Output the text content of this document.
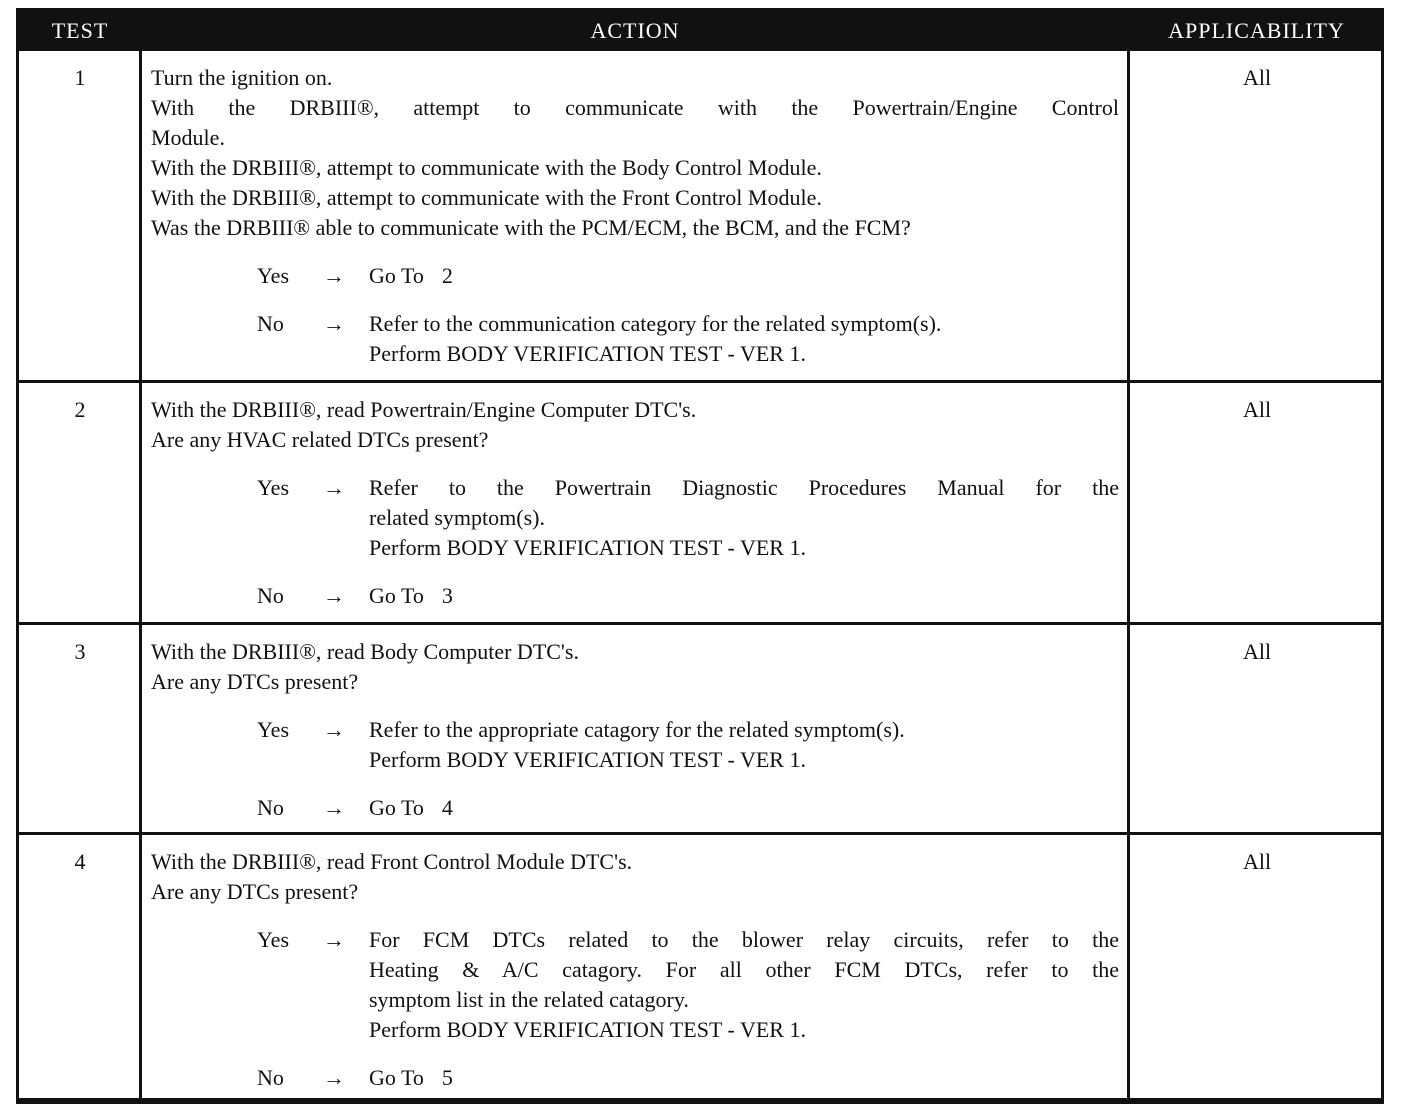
TEST	ACTION	APPLICABILITY
1	Turn the ignition on.
With the DRBIII®, attempt to communicate with the Powertrain/Engine Control
Module.
With the DRBIII®, attempt to communicate with the Body Control Module.
With the DRBIII®, attempt to communicate with the Front Control Module.
Was the DRBIII® able to communicate with the PCM/ECM, the BCM, and the FCM?
Yes → Go To 2
No → Refer to the communication category for the related symptom(s).
Perform BODY VERIFICATION TEST - VER 1.
All
2	With the DRBIII®, read Powertrain/Engine Computer DTC's.
Are any HVAC related DTCs present?
Yes → Refer to the Powertrain Diagnostic Procedures Manual for the
related symptom(s).
Perform BODY VERIFICATION TEST - VER 1.
No → Go To 3
All
3	With the DRBIII®, read Body Computer DTC's.
Are any DTCs present?
Yes → Refer to the appropriate catagory for the related symptom(s).
Perform BODY VERIFICATION TEST - VER 1.
No → Go To 4
All
4	With the DRBIII®, read Front Control Module DTC's.
Are any DTCs present?
Yes → For FCM DTCs related to the blower relay circuits, refer to the
Heating & A/C catagory. For all other FCM DTCs, refer to the
symptom list in the related catagory.
Perform BODY VERIFICATION TEST - VER 1.
No → Go To 5
All
